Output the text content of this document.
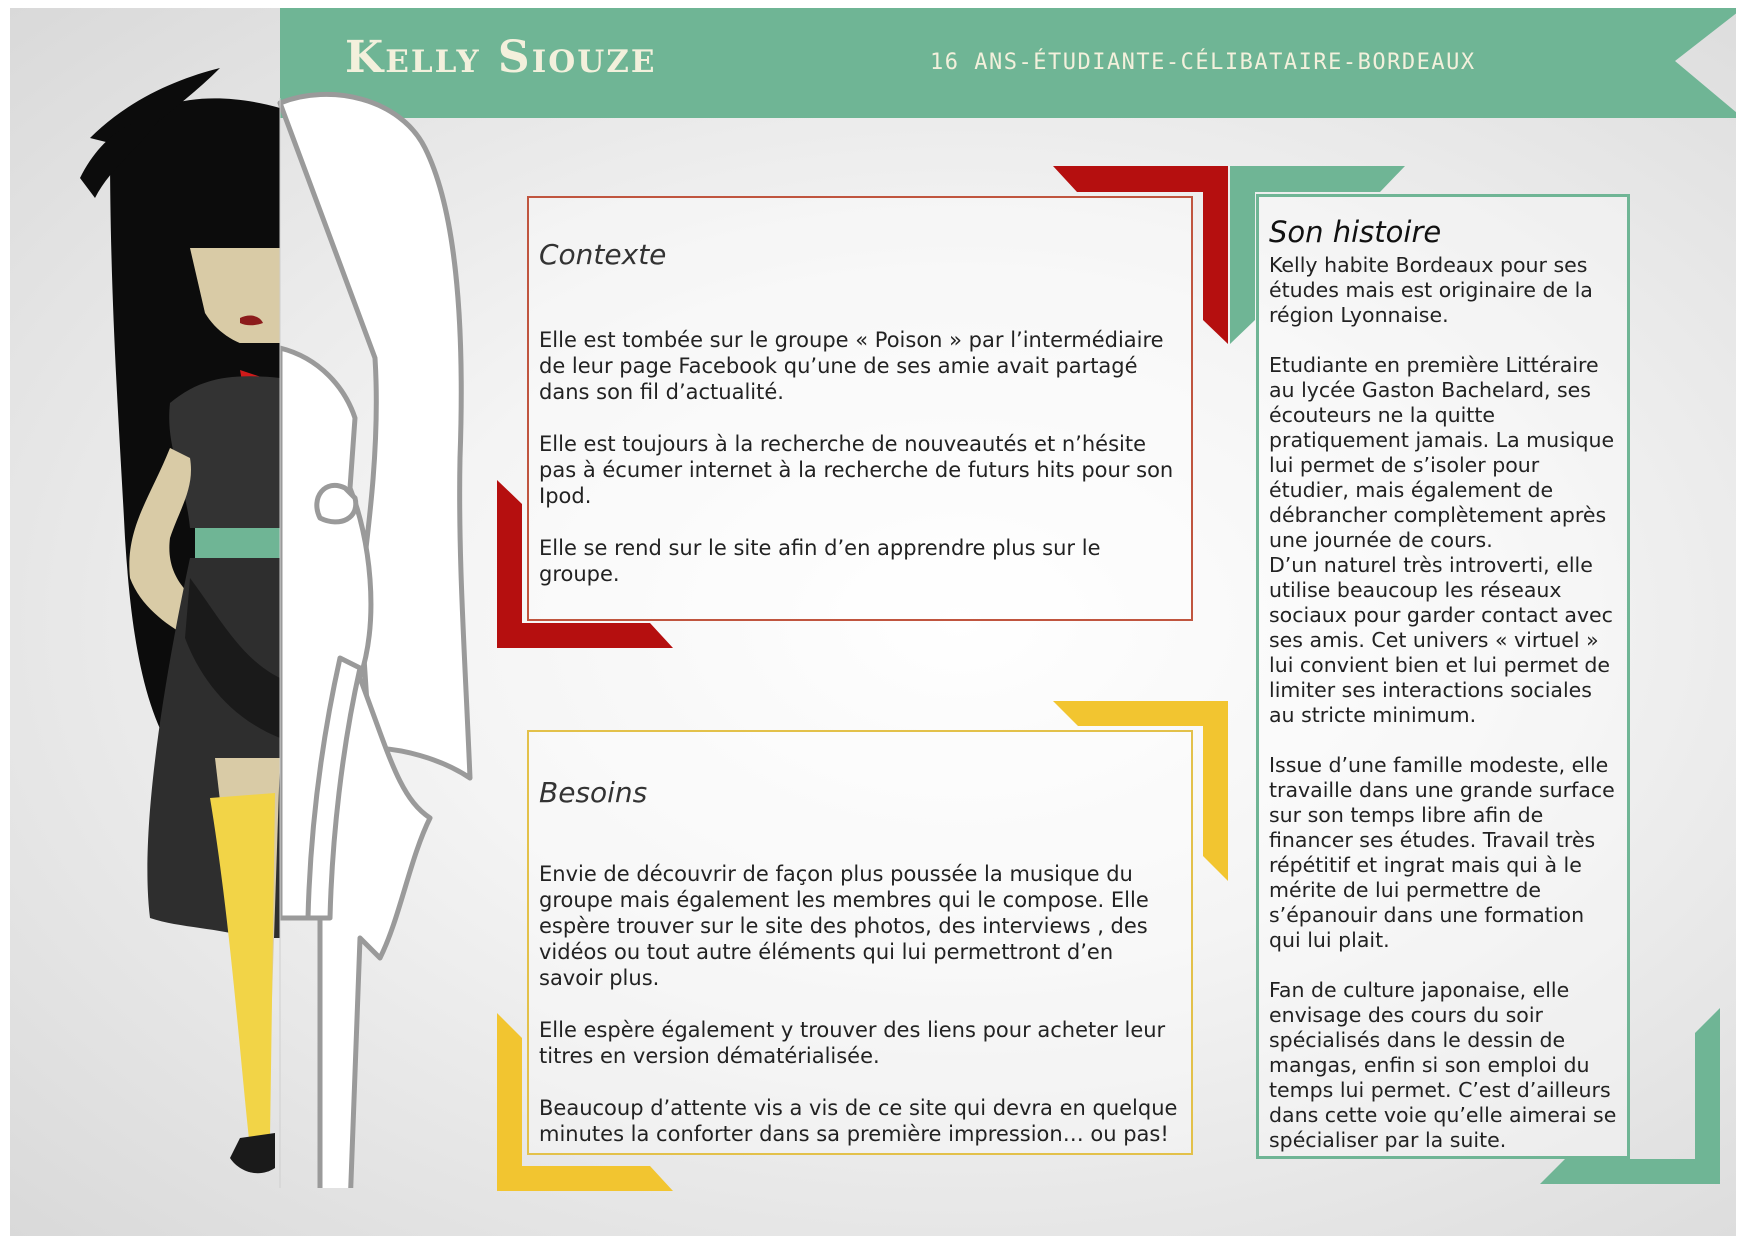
Kelly Siouze	16 ANS-ÉTUDIANTE-CÉLIBATAIRE-BORDEAUX

Contexte

Elle est tombée sur le groupe « Poison » par l’intermédiaire de leur page Facebook qu’une de ses amie avait partagé dans son fil d’actualité.

Elle est toujours à la recherche de nouveautés et n’hésite pas à écumer internet à la recherche de futurs hits pour son Ipod.

Elle se rend sur le site afin d’en apprendre plus sur le groupe.

Besoins

Envie de découvrir de façon plus poussée la musique du groupe mais également les membres qui le compose. Elle espère trouver sur le site des photos, des interviews , des vidéos ou tout autre éléments qui lui permettront d’en savoir plus.

Elle espère également y trouver des liens pour acheter leur titres en version dématérialisée.

Beaucoup d’attente vis a vis de ce site qui devra en quelque minutes la conforter dans sa première impression… ou pas!

Son histoire

Kelly habite Bordeaux pour ses études mais est originaire de la région Lyonnaise.

Etudiante en première Littéraire au lycée Gaston Bachelard, ses écouteurs ne la quitte pratiquement jamais. La musique lui permet de s’isoler pour étudier, mais également de débrancher complètement après une journée de cours.

D’un naturel très introverti, elle utilise beaucoup les réseaux sociaux pour garder contact avec ses amis. Cet univers « virtuel » lui convient bien et lui permet de limiter ses interactions sociales au stricte minimum.

Issue d’une famille modeste, elle travaille dans une grande surface sur son temps libre afin de financer ses études. Travail très répétitif et ingrat mais qui à le mérite de lui permettre de s’épanouir dans une formation qui lui plait.

Fan de culture japonaise, elle envisage des cours du soir spécialisés dans le dessin de mangas, enfin si son emploi du temps lui permet. C’est d’ailleurs dans cette voie qu’elle aimerai se spécialiser par la suite.
